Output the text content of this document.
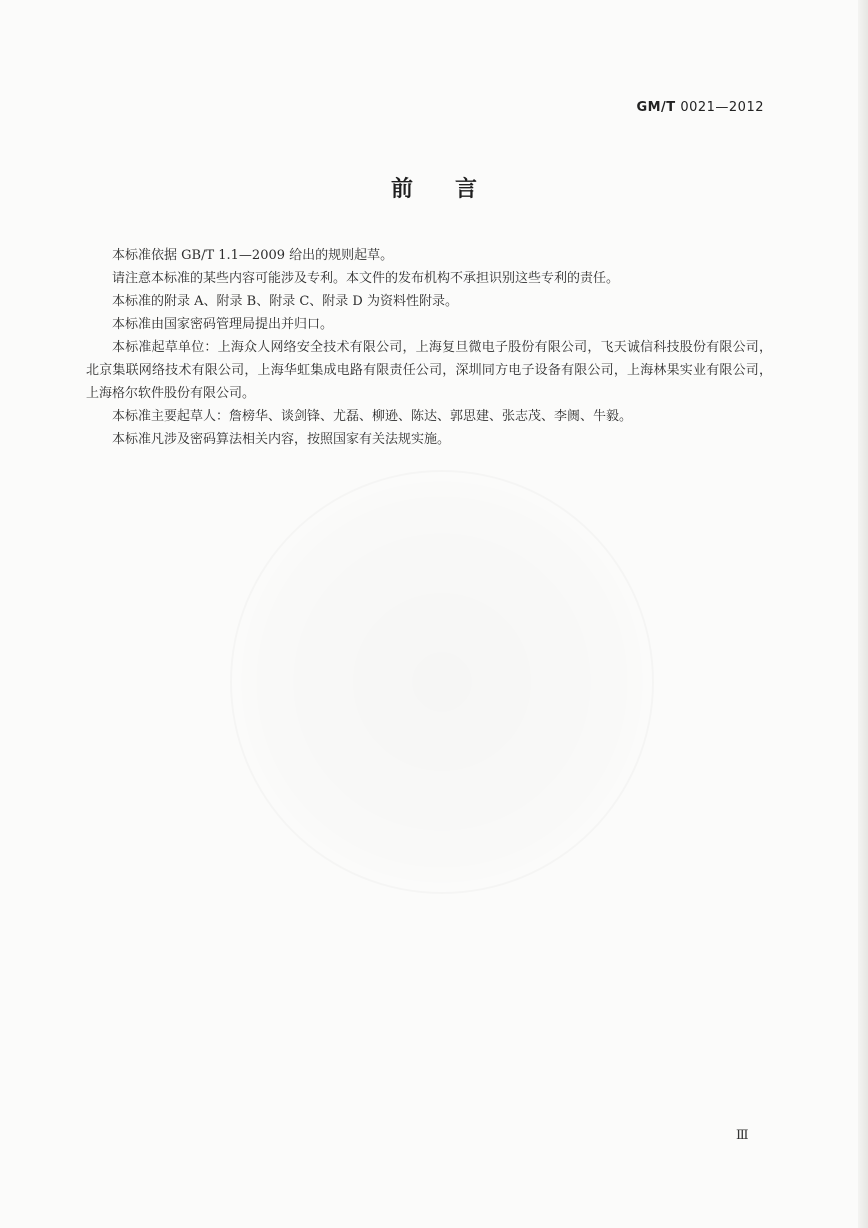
GM/T 0021—2012
前言

本标准依据 GB/T 1.1—2009 给出的规则起草。

请注意本标准的某些内容可能涉及专利。本文件的发布机构不承担识别这些专利的责任。

本标准的附录 A、附录 B、附录 C、附录 D 为资料性附录。

本标准由国家密码管理局提出并归口。

本标准起草单位：上海众人网络安全技术有限公司，上海复旦微电子股份有限公司，飞天诚信科技股份有限公司，北京集联网络技术有限公司，上海华虹集成电路有限责任公司，深圳同方电子设备有限公司，上海林果实业有限公司，上海格尔软件股份有限公司。

本标准主要起草人：詹榜华、谈剑锋、尤磊、柳逊、陈达、郭思建、张志茂、李阓、牛毅。

本标准凡涉及密码算法相关内容，按照国家有关法规实施。

Ⅲ
